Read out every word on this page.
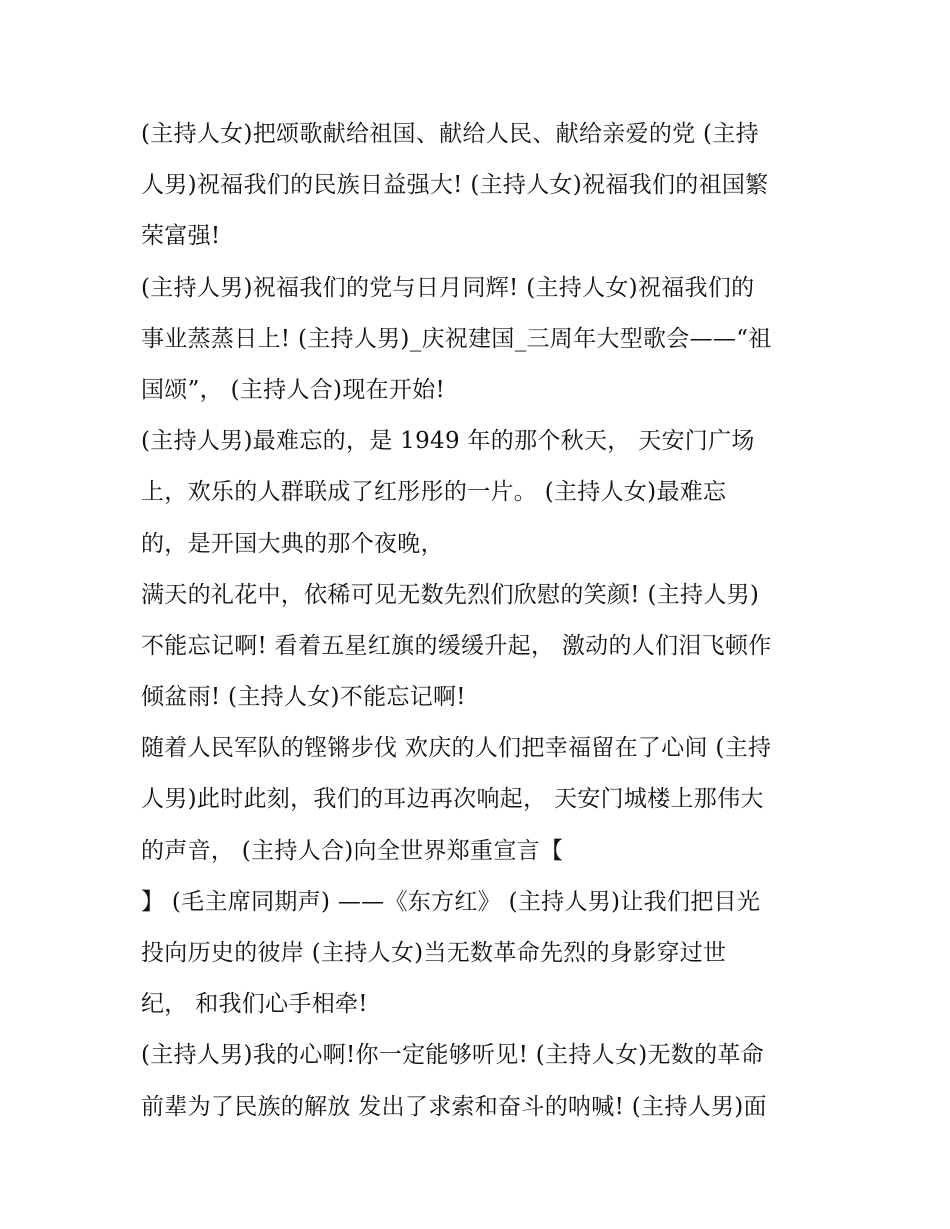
(主持人女)把颂歌献给祖国、献给人民、献给亲爱的党 (主持
人男)祝福我们的民族日益强大! (主持人女)祝福我们的祖国繁
荣富强!
(主持人男)祝福我们的党与日月同辉! (主持人女)祝福我们的
事业蒸蒸日上! (主持人男)_庆祝建国_三周年大型歌会——“祖
国颂”， (主持人合)现在开始!
(主持人男)最难忘的，是 1949 年的那个秋天， 天安门广场
上，欢乐的人群联成了红彤彤的一片。 (主持人女)最难忘
的，是开国大典的那个夜晚，
满天的礼花中，依稀可见无数先烈们欣慰的笑颜! (主持人男)
不能忘记啊! 看着五星红旗的缓缓升起， 激动的人们泪飞顿作
倾盆雨! (主持人女)不能忘记啊!
随着人民军队的铿锵步伐 欢庆的人们把幸福留在了心间 (主持
人男)此时此刻，我们的耳边再次响起， 天安门城楼上那伟大
的声音， (主持人合)向全世界郑重宣言【
】 (毛主席同期声) ——《东方红》 (主持人男)让我们把目光
投向历史的彼岸 (主持人女)当无数革命先烈的身影穿过世
纪， 和我们心手相牵!
(主持人男)我的心啊!你一定能够听见! (主持人女)无数的革命
前辈为了民族的解放 发出了求索和奋斗的呐喊! (主持人男)面
